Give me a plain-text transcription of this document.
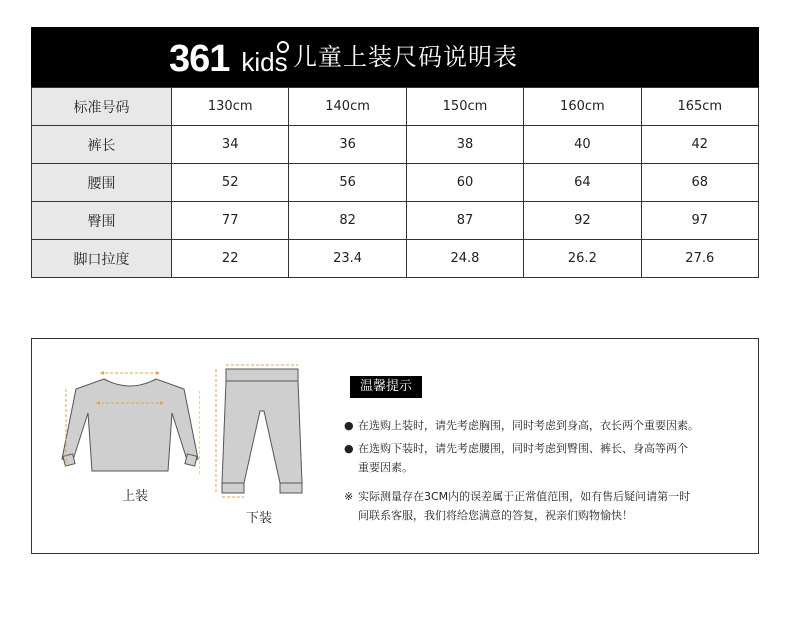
361 kids 儿童上装尺码说明表
标准号码	130cm	140cm	150cm	160cm	165cm
裤长	34	36	38	40	42
腰围	52	56	60	64	68
臀围	77	82	87	92	97
脚口拉度	22	23.4	24.8	26.2	27.6
上装
下装
温馨提示
● 在选购上装时，请先考虑胸围，同时考虑到身高，衣长两个重要因素。
● 在选购下装时，请先考虑腰围，同时考虑到臀围、裤长、身高等两个
重要因素。
※ 实际测量存在3CM内的误差属于正常值范围，如有售后疑问请第一时
间联系客服，我们将给您满意的答复，祝亲们购物愉快！
